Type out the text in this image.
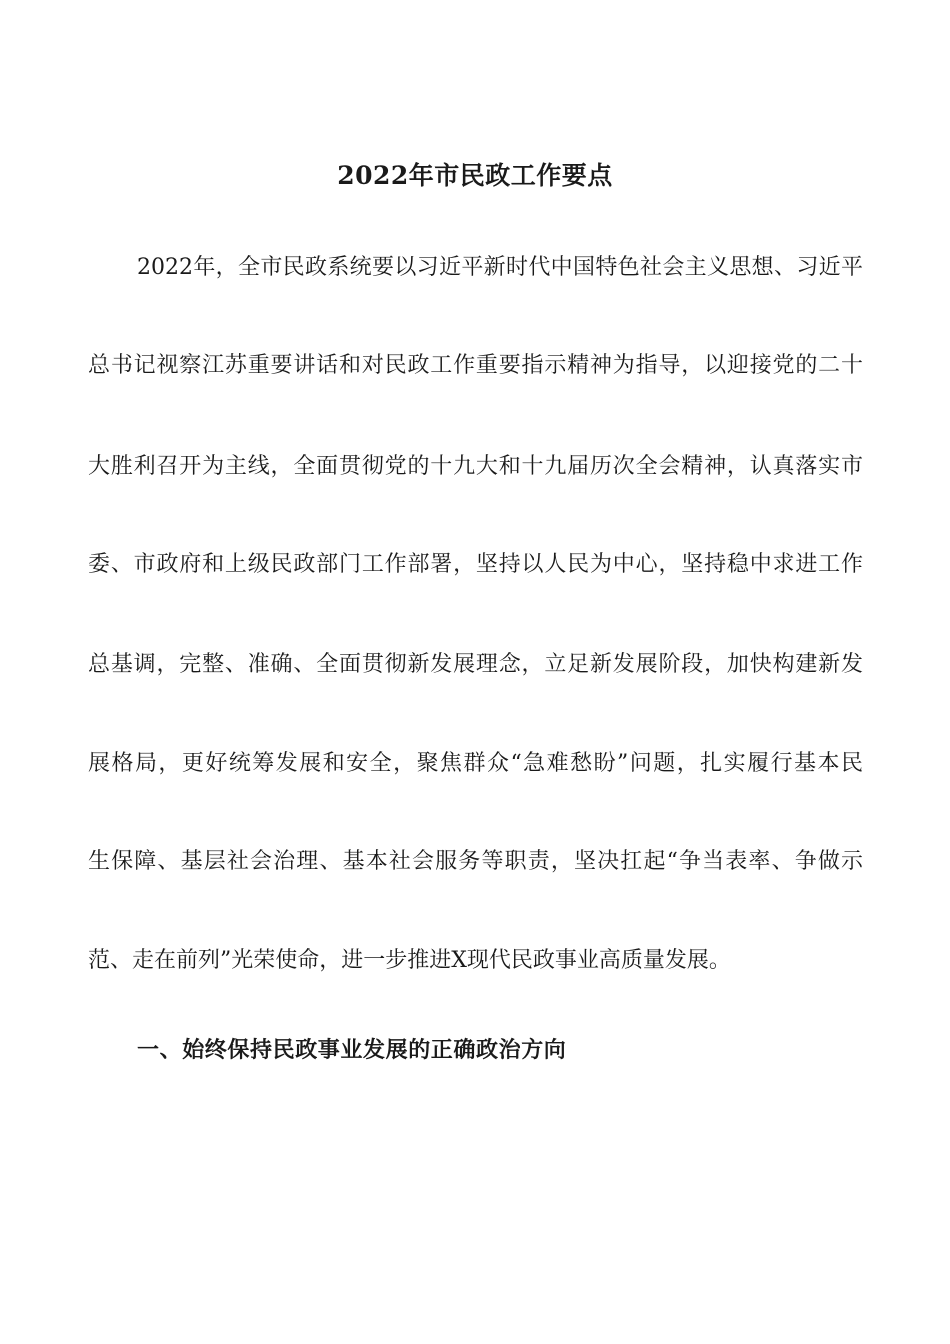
2022年市民政工作要点

2022年，全市民政系统要以习近平新时代中国特色社会主义思想、习近平

总书记视察江苏重要讲话和对民政工作重要指示精神为指导，以迎接党的二十

大胜利召开为主线，全面贯彻党的十九大和十九届历次全会精神，认真落实市

委、市政府和上级民政部门工作部署，坚持以人民为中心，坚持稳中求进工作

总基调，完整、准确、全面贯彻新发展理念，立足新发展阶段，加快构建新发

展格局，更好统筹发展和安全，聚焦群众“急难愁盼”问题，扎实履行基本民

生保障、基层社会治理、基本社会服务等职责，坚决扛起“争当表率、争做示

范、走在前列”光荣使命，进一步推进X现代民政事业高质量发展。

一、始终保持民政事业发展的正确政治方向
